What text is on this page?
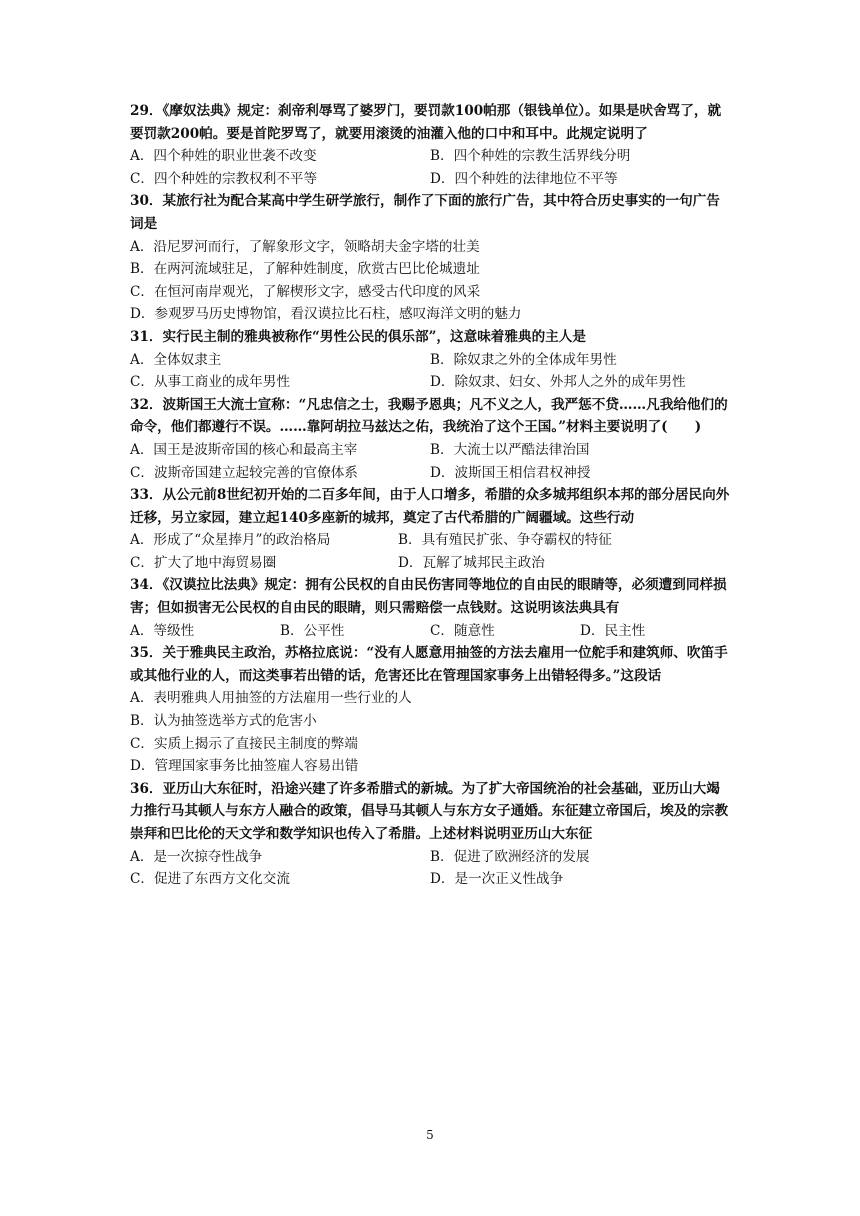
29．《摩奴法典》规定：刹帝利辱骂了婆罗门，要罚款100帕那（银钱单位）。如果是吠舍骂了，就要罚款200帕。要是首陀罗骂了，就要用滚烫的油灌入他的口中和耳中。此规定说明了

A．四个种姓的职业世袭不改变	B．四个种姓的宗教生活界线分明
C．四个种姓的宗教权利不平等	D．四个种姓的法律地位不平等

30．某旅行社为配合某高中学生研学旅行，制作了下面的旅行广告，其中符合历史事实的一句广告词是

A．沿尼罗河而行，了解象形文字，领略胡夫金字塔的壮美
B．在两河流域驻足，了解种姓制度，欣赏古巴比伦城遗址
C．在恒河南岸观光，了解楔形文字，感受古代印度的风采
D．参观罗马历史博物馆，看汉谟拉比石柱，感叹海洋文明的魅力

31．实行民主制的雅典被称作“男性公民的俱乐部”，这意味着雅典的主人是

A．全体奴隶主	B．除奴隶之外的全体成年男性
C．从事工商业的成年男性	D．除奴隶、妇女、外邦人之外的成年男性

32．波斯国王大流士宣称：“凡忠信之士，我赐予恩典；凡不义之人，我严惩不贷……凡我给他们的命令，他们都遵行不误。……靠阿胡拉马兹达之佑，我统治了这个王国。”材料主要说明了(　　)

A．国王是波斯帝国的核心和最高主宰	B．大流士以严酷法律治国
C．波斯帝国建立起较完善的官僚体系	D．波斯国王相信君权神授

33．从公元前8世纪初开始的二百多年间，由于人口增多，希腊的众多城邦组织本邦的部分居民向外迁移，另立家园，建立起140多座新的城邦，奠定了古代希腊的广阔疆域。这些行动

A．形成了“众星捧月”的政治格局	B．具有殖民扩张、争夺霸权的特征
C．扩大了地中海贸易圈	D．瓦解了城邦民主政治

34．《汉谟拉比法典》规定：拥有公民权的自由民伤害同等地位的自由民的眼睛等，必须遭到同样损害；但如损害无公民权的自由民的眼睛，则只需赔偿一点钱财。这说明该法典具有

A．等级性	B．公平性	C．随意性	D．民主性

35．关于雅典民主政治，苏格拉底说：“没有人愿意用抽签的方法去雇用一位舵手和建筑师、吹笛手或其他行业的人，而这类事若出错的话，危害还比在管理国家事务上出错轻得多。”这段话

A．表明雅典人用抽签的方法雇用一些行业的人
B．认为抽签选举方式的危害小
C．实质上揭示了直接民主制度的弊端
D．管理国家事务比抽签雇人容易出错

36．亚历山大东征时，沿途兴建了许多希腊式的新城。为了扩大帝国统治的社会基础，亚历山大竭力推行马其顿人与东方人融合的政策，倡导马其顿人与东方女子通婚。东征建立帝国后，埃及的宗教崇拜和巴比伦的天文学和数学知识也传入了希腊。上述材料说明亚历山大东征

A．是一次掠夺性战争	B．促进了欧洲经济的发展
C．促进了东西方文化交流	D．是一次正义性战争
5
